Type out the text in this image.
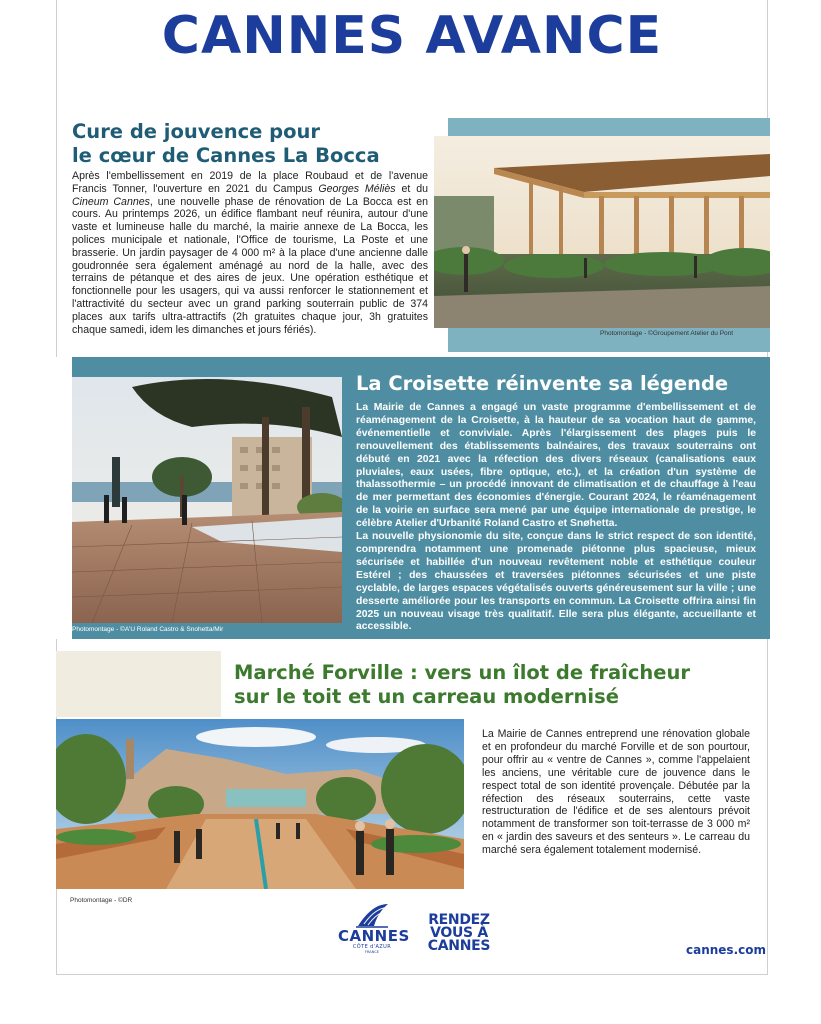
CANNES AVANCE
Cure de jouvence pour
le cœur de Cannes La Bocca
Après l'embellissement en 2019 de la place Roubaud et de l'avenue Francis Tonner, l'ouverture en 2021 du Campus Georges Méliès et du Cineum Cannes, une nouvelle phase de rénovation de La Bocca est en cours. Au printemps 2026, un édifice flambant neuf réunira, autour d'une vaste et lumineuse halle du marché, la mairie annexe de La Bocca, les polices municipale et nationale, l'Office de tourisme, La Poste et une brasserie. Un jardin paysager de 4 000 m² à la place d'une ancienne dalle goudronnée sera également aménagé au nord de la halle, avec des terrains de pétanque et des aires de jeux. Une opération esthétique et fonctionnelle pour les usagers, qui va aussi renforcer le stationnement et l'attractivité du secteur avec un grand parking souterrain public de 374 places aux tarifs ultra-attractifs (2h gratuites chaque jour, 3h gratuites chaque samedi, idem les dimanches et jours fériés).	Photomontage - ©Groupement Atelier du Pont
Photomontage - ©A'U Roland Castro & Snohetta/Mir
La Croisette réinvente sa légende

La Mairie de Cannes a engagé un vaste programme d'embellissement et de réaménagement de la Croisette, à la hauteur de sa vocation haut de gamme, événementielle et conviviale. Après l'élargissement des plages puis le renouvellement des établissements balnéaires, des travaux souterrains ont débuté en 2021 avec la réfection des divers réseaux (canalisations eaux pluviales, eaux usées, fibre optique, etc.), et la création d'un système de thalassothermie – un procédé innovant de climatisation et de chauffage à l'eau de mer permettant des économies d'énergie. Courant 2024, le réaménagement de la voirie en surface sera mené par une équipe internationale de prestige, le célèbre Atelier d'Urbanité Roland Castro et Snøhetta.

La nouvelle physionomie du site, conçue dans le strict respect de son identité, comprendra notamment une promenade piétonne plus spacieuse, mieux sécurisée et habillée d'un nouveau revêtement noble et esthétique couleur Estérel ; des chaussées et traversées piétonnes sécurisées et une piste cyclable, de larges espaces végétalisés ouverts généreusement sur la ville ; une desserte améliorée pour les transports en commun. La Croisette offrira ainsi fin 2025 un nouveau visage très qualitatif. Elle sera plus élégante, accueillante et accessible.

Marché Forville : vers un îlot de fraîcheur
sur le toit et un carreau modernisé
Photomontage - ©DR
La Mairie de Cannes entreprend une rénovation globale et en profondeur du marché Forville et de son pourtour, pour offrir au « ventre de Cannes », comme l'appelaient les anciens, une véritable cure de jouvence dans le respect total de son identité provençale. Débutée par la réfection des réseaux souterrains, cette vaste restructuration de l'édifice et de ses alentours prévoit notamment de transformer son toit-terrasse de 3 000 m² en « jardin des saveurs et des senteurs ». Le carreau du marché sera également totalement modernisé.
CANNES
CÔTE d'AZUR
FRANCE
RENDEZ
VOUS À
CANNES	cannes.com
